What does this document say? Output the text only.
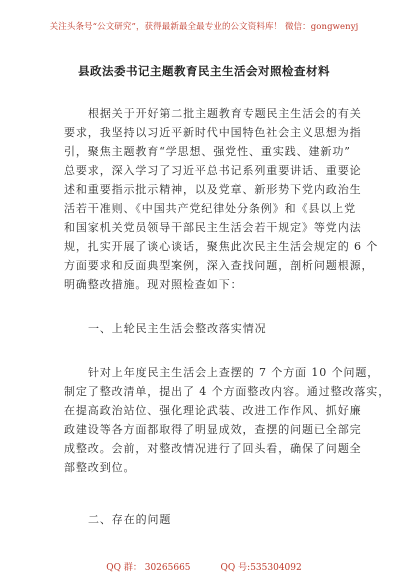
关注头条号“公文研究”，获得最新最全最专业的公文资料库！ 微信：gongwenyj
县政法委书记主题教育民主生活会对照检查材料
根据关于开好第二批主题教育专题民主生活会的有关
要求，我坚持以习近平新时代中国特色社会主义思想为指
引，聚焦主题教育“学思想、强党性、重实践、建新功”
总要求，深入学习了习近平总书记系列重要讲话、重要论
述和重要指示批示精神，以及党章、新形势下党内政治生
活若干准则、《中国共产党纪律处分条例》和《县以上党
和国家机关党员领导干部民主生活会若干规定》等党内法
规，扎实开展了谈心谈话，聚焦此次民主生活会规定的 6 个
方面要求和反面典型案例，深入查找问题，剖析问题根源，
明确整改措施。现对照检查如下：
一、上轮民主生活会整改落实情况
针对上年度民主生活会上查摆的 7 个方面 10 个问题，
制定了整改清单，提出了 4 个方面整改内容。通过整改落实，
在提高政治站位、强化理论武装、改进工作作风、抓好廉
政建设等各方面都取得了明显成效，查摆的问题已全部完
成整改。会前，对整改情况进行了回头看，确保了问题全
部整改到位。
二、存在的问题
QQ 群： 30265665	QQ 号:535304092
